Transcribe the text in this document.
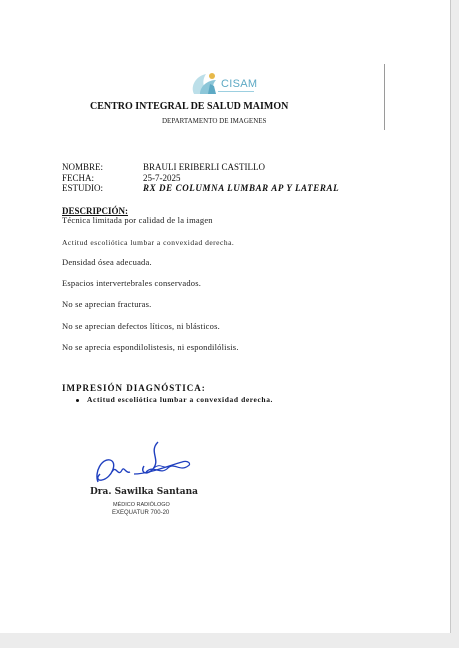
CISAM
CENTRO INTEGRAL DE SALUD MAIMON
DEPARTAMENTO DE IMAGENES
NOMBRE:	BRAULI ERIBERLI CASTILLO
FECHA:	25-7-2025
ESTUDIO:	RX DE COLUMNA LUMBAR AP Y LATERAL
DESCRIPCIÓN:
Técnica limitada por calidad de la imagen
Actitud escoliótica lumbar a convexidad derecha.
Densidad ósea adecuada.
Espacios intervertebrales conservados.
No se aprecian fracturas.
No se aprecian defectos líticos, ni blásticos.
No se aprecia espondilolistesis, ni espondilólisis.
IMPRESIÓN DIAGNÓSTICA:
Actitud escoliótica lumbar a convexidad derecha.
Dra. Sawilka Santana
MÉDICO RADIÓLOGO
EXEQUATUR 700-20
